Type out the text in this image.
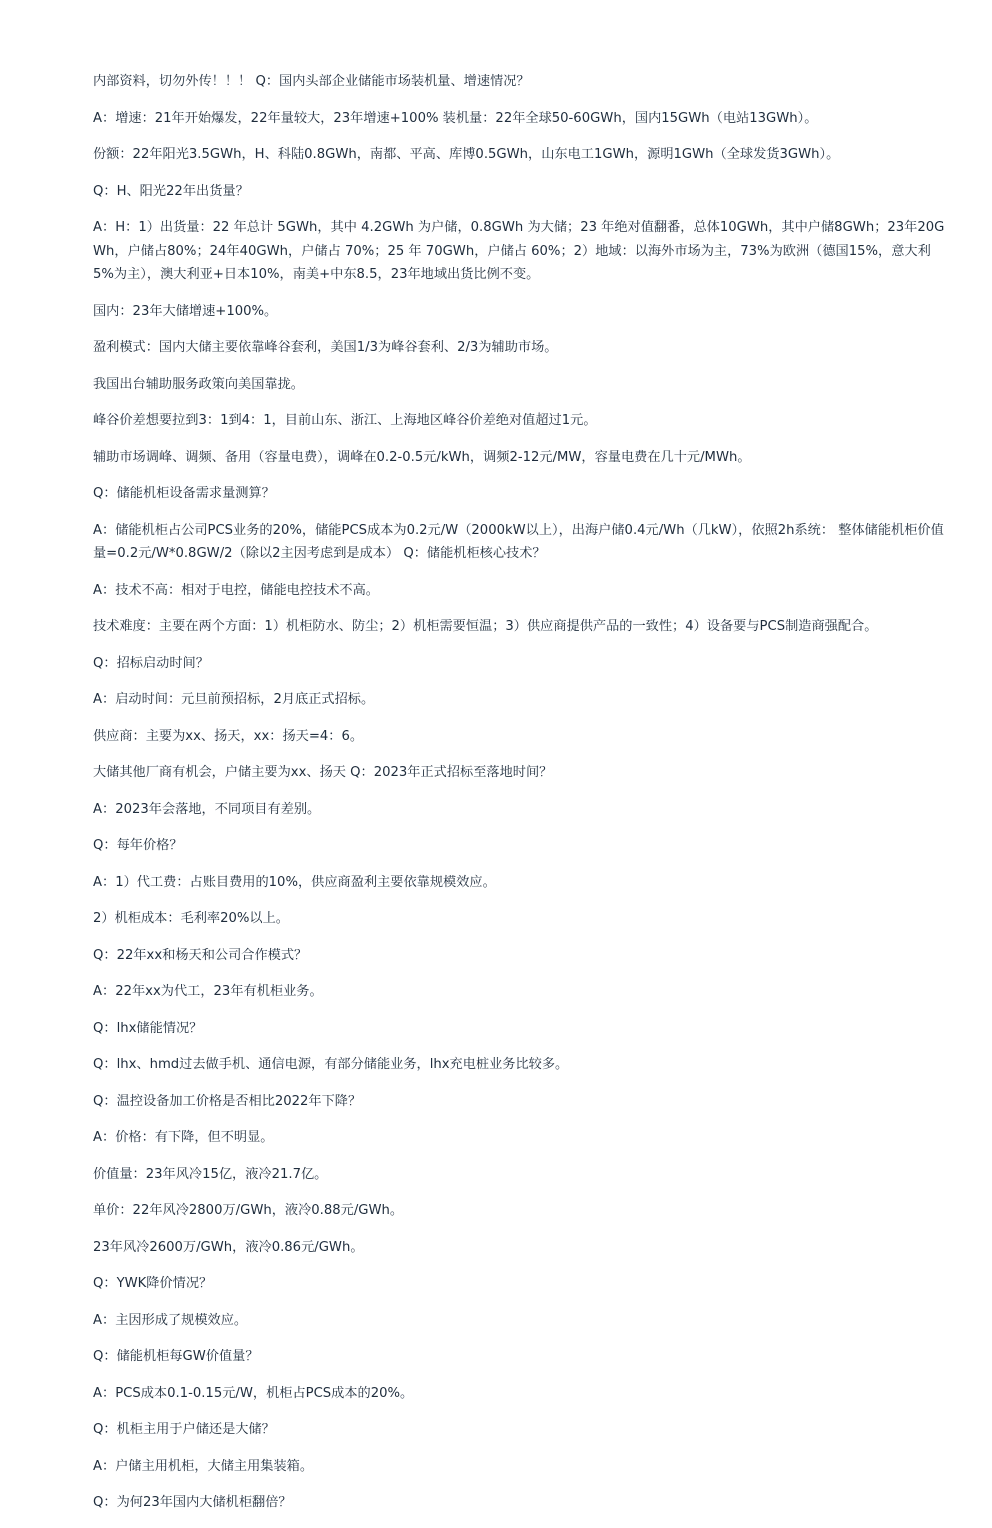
内部资料，切勿外传！！！ Q：国内头部企业储能市场装机量、增速情况？

A：增速：21年开始爆发，22年量较大，23年增速+100% 装机量：22年全球50-60GWh，国内15GWh（电站13GWh）。

份额：22年阳光3.5GWh，H、科陆0.8GWh，南都、平高、库博0.5GWh，山东电工1GWh，源明1GWh（全球发货3GWh）。

Q：H、阳光22年出货量？

A：H：1）出货量：22 年总计 5GWh，其中 4.2GWh 为户储，0.8GWh 为大储；23 年绝对值翻番，总体10GWh，其中户储8GWh；23年20GWh，户储占80%；24年40GWh，户储占 70%；25 年 70GWh，户储占 60%；2）地域：以海外市场为主，73%为欧洲（德国15%，意大利5%为主），澳大利亚+日本10%，南美+中东8.5，23年地域出货比例不变。

国内：23年大储增速+100%。

盈利模式：国内大储主要依靠峰谷套利，美国1/3为峰谷套利、2/3为辅助市场。

我国出台辅助服务政策向美国靠拢。

峰谷价差想要拉到3：1到4：1，目前山东、浙江、上海地区峰谷价差绝对值超过1元。

辅助市场调峰、调频、备用（容量电费），调峰在0.2-0.5元/kWh，调频2-12元/MW，容量电费在几十元/MWh。

Q：储能机柜设备需求量测算？

A：储能机柜占公司PCS业务的20%，储能PCS成本为0.2元/W（2000kW以上），出海户储0.4元/Wh（几kW），依照2h系统： 整体储能机柜价值量=0.2元/W*0.8GW/2（除以2主因考虑到是成本） Q：储能机柜核心技术？

A：技术不高：相对于电控，储能电控技术不高。

技术难度：主要在两个方面：1）机柜防水、防尘；2）机柜需要恒温；3）供应商提供产品的一致性；4）设备要与PCS制造商强配合。

Q：招标启动时间？

A：启动时间：元旦前预招标，2月底正式招标。

供应商：主要为xx、扬天，xx：扬天=4：6。

大储其他厂商有机会，户储主要为xx、扬天 Q：2023年正式招标至落地时间？

A：2023年会落地，不同项目有差别。

Q：每年价格？

A：1）代工费：占账目费用的10%，供应商盈利主要依靠规模效应。

2）机柜成本：毛利率20%以上。

Q：22年xx和杨天和公司合作模式？

A：22年xx为代工，23年有机柜业务。

Q：lhx储能情况？

Q：lhx、hmd过去做手机、通信电源，有部分储能业务，lhx充电桩业务比较多。

Q：温控设备加工价格是否相比2022年下降？

A：价格：有下降，但不明显。

价值量：23年风冷15亿，液冷21.7亿。

单价：22年风冷2800万/GWh，液冷0.88元/GWh。

23年风冷2600万/GWh，液冷0.86元/GWh。

Q：YWK降价情况？

A：主因形成了规模效应。

Q：储能机柜每GW价值量？

A：PCS成本0.1-0.15元/W，机柜占PCS成本的20%。

Q：机柜主用于户储还是大储？

A：户储主用机柜，大储主用集装箱。

Q：为何23年国内大储机柜翻倍？
